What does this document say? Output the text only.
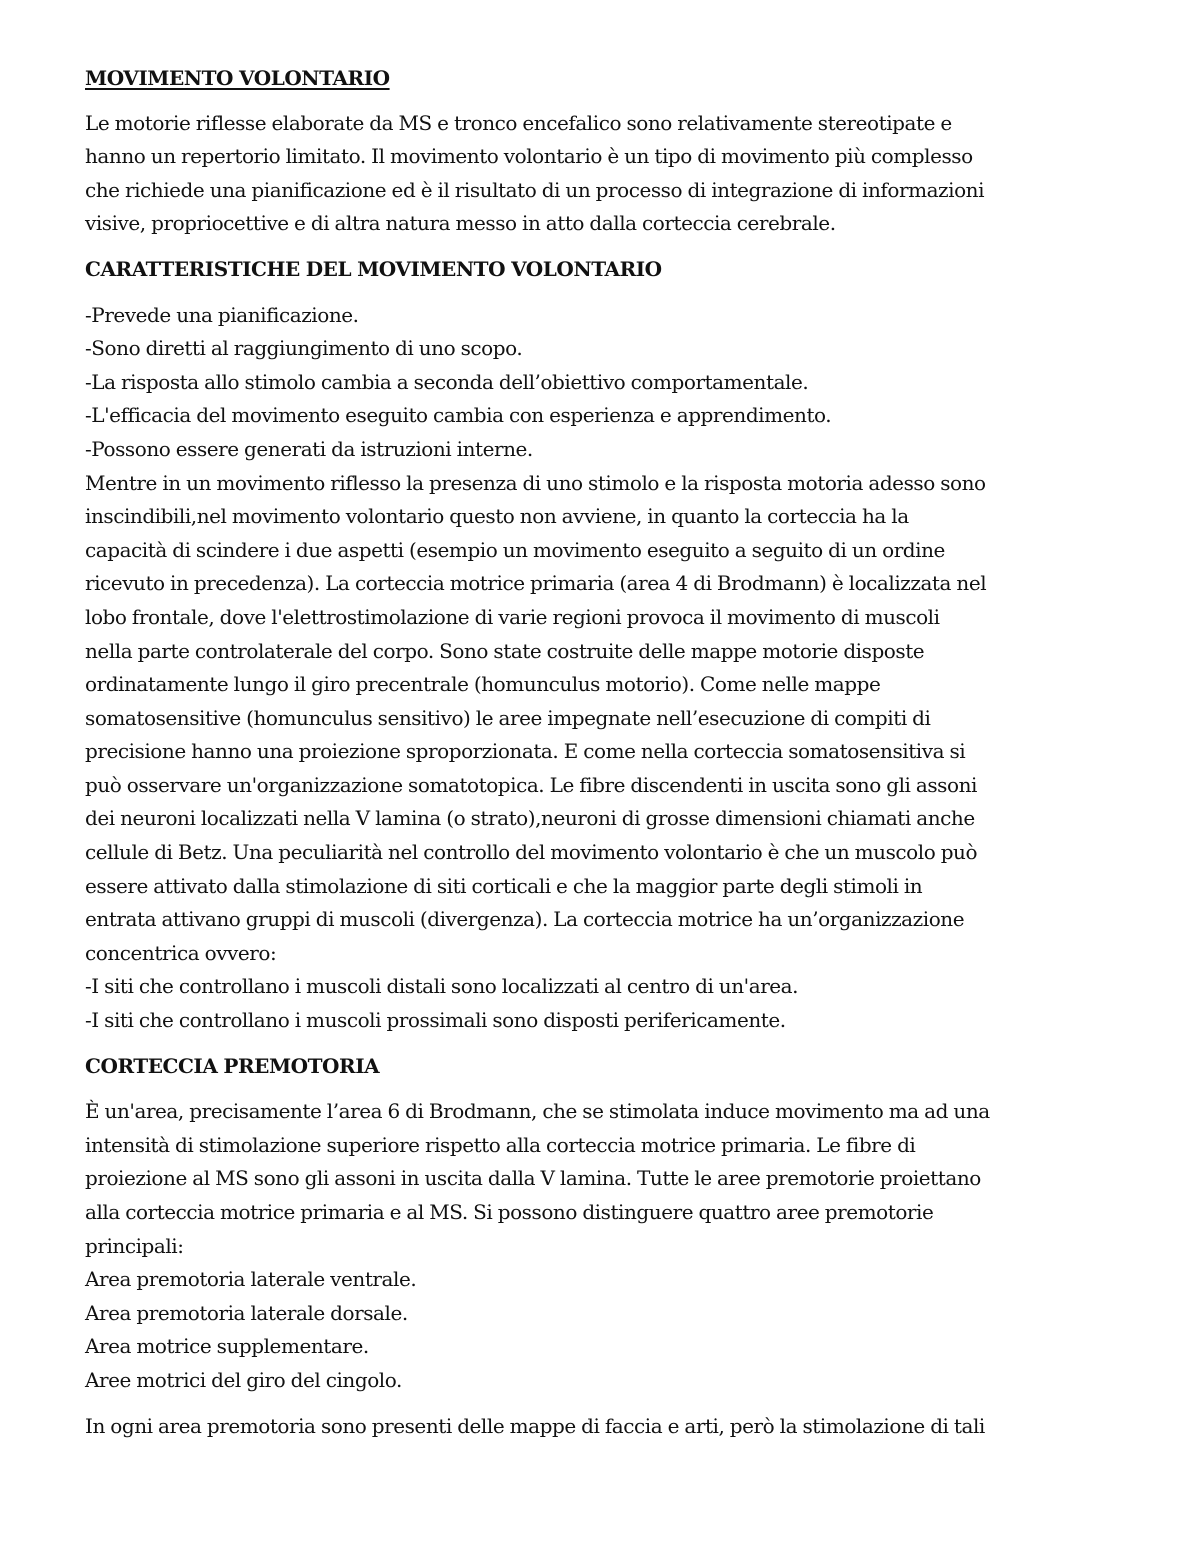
MOVIMENTO VOLONTARIO
Le motorie riflesse elaborate da MS e tronco encefalico sono relativamente stereotipate e
hanno un repertorio limitato. Il movimento volontario è un tipo di movimento più complesso
che richiede una pianificazione ed è il risultato di un processo di integrazione di informazioni
visive, propriocettive e di altra natura messo in atto dalla corteccia cerebrale.
CARATTERISTICHE DEL MOVIMENTO VOLONTARIO
-Prevede una pianificazione.
-Sono diretti al raggiungimento di uno scopo.
-La risposta allo stimolo cambia a seconda dell’obiettivo comportamentale.
-L'efficacia del movimento eseguito cambia con esperienza e apprendimento.
-Possono essere generati da istruzioni interne.
Mentre in un movimento riflesso la presenza di uno stimolo e la risposta motoria adesso sono
inscindibili,nel movimento volontario questo non avviene, in quanto la corteccia ha la
capacità di scindere i due aspetti (esempio un movimento eseguito a seguito di un ordine
ricevuto in precedenza). La corteccia motrice primaria (area 4 di Brodmann) è localizzata nel
lobo frontale, dove l'elettrostimolazione di varie regioni provoca il movimento di muscoli
nella parte controlaterale del corpo. Sono state costruite delle mappe motorie disposte
ordinatamente lungo il giro precentrale (homunculus motorio). Come nelle mappe
somatosensitive (homunculus sensitivo) le aree impegnate nell’esecuzione di compiti di
precisione hanno una proiezione sproporzionata. E come nella corteccia somatosensitiva si
può osservare un'organizzazione somatotopica. Le fibre discendenti in uscita sono gli assoni
dei neuroni localizzati nella V lamina (o strato),neuroni di grosse dimensioni chiamati anche
cellule di Betz. Una peculiarità nel controllo del movimento volontario è che un muscolo può
essere attivato dalla stimolazione di siti corticali e che la maggior parte degli stimoli in
entrata attivano gruppi di muscoli (divergenza). La corteccia motrice ha un’organizzazione
concentrica ovvero:
-I siti che controllano i muscoli distali sono localizzati al centro di un'area.
-I siti che controllano i muscoli prossimali sono disposti perifericamente.
CORTECCIA PREMOTORIA
È un'area, precisamente l’area 6 di Brodmann, che se stimolata induce movimento ma ad una
intensità di stimolazione superiore rispetto alla corteccia motrice primaria. Le fibre di
proiezione al MS sono gli assoni in uscita dalla V lamina. Tutte le aree premotorie proiettano
alla corteccia motrice primaria e al MS. Si possono distinguere quattro aree premotorie
principali:
Area premotoria laterale ventrale.
Area premotoria laterale dorsale.
Area motrice supplementare.
Aree motrici del giro del cingolo.
In ogni area premotoria sono presenti delle mappe di faccia e arti, però la stimolazione di tali
